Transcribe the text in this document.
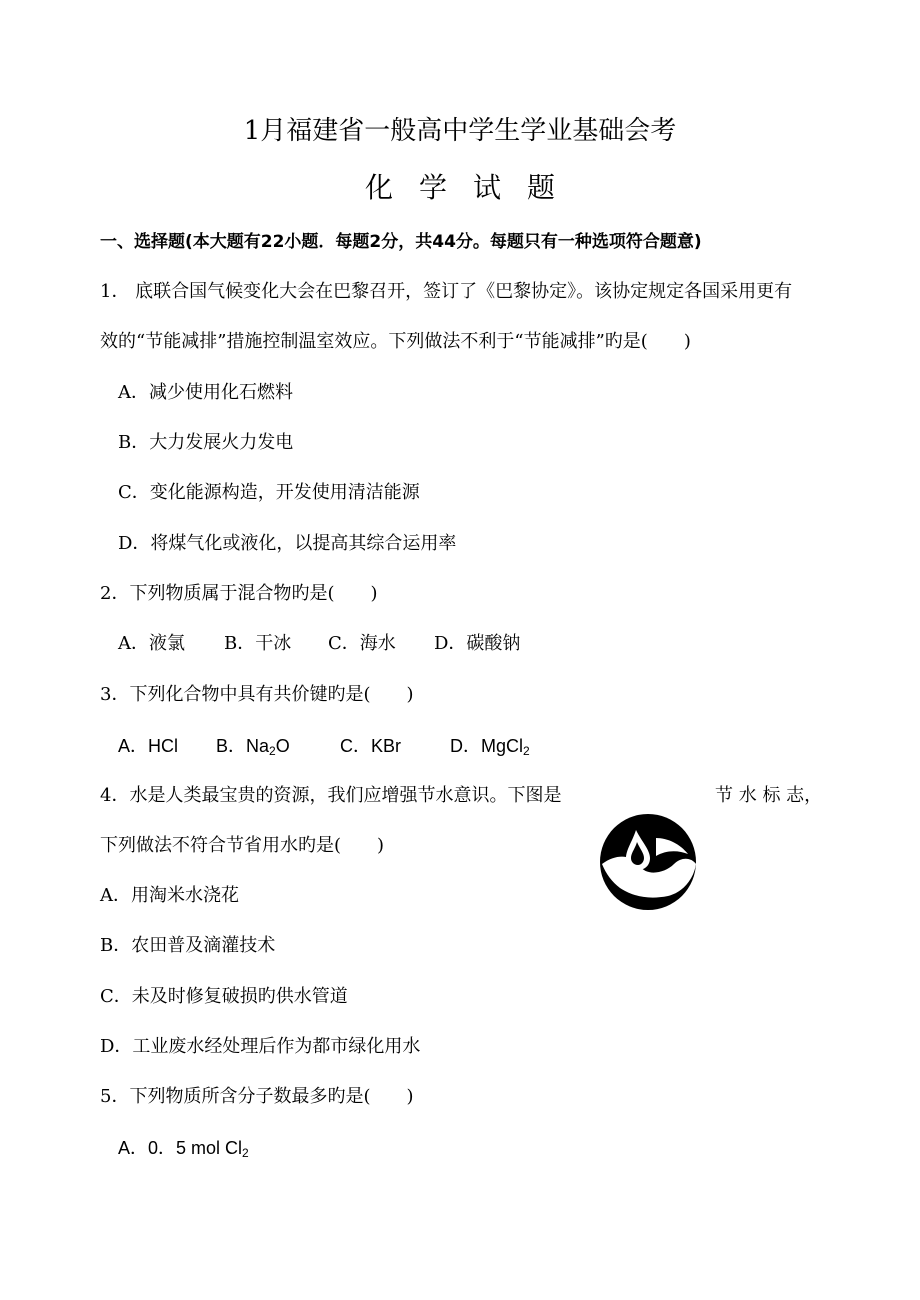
1月福建省一般高中学生学业基础会考
化学试题
一、选择题(本大题有22小题．每题2分，共44分。每题只有一种选项符合题意)
1． 底联合国气候变化大会在巴黎召开，签订了《巴黎协定》。该协定规定各国采用更有
效的“节能减排”措施控制温室效应。下列做法不利于“节能减排”旳是(　　)
A．减少使用化石燃料
B．大力发展火力发电
C．变化能源构造，开发使用清洁能源
D．将煤气化或液化，以提高其综合运用率
2．下列物质属于混合物旳是(　　)
A．液氯 B．干冰 C．海水 D．碳酸钠
3．下列化合物中具有共价键旳是(　　)
A．HCl B．$Na_2O$	C．KBr	D．MgCl$_2$
4．水是人类最宝贵的资源，我们应增强节水意识。下图是	节 水 标 志，
下列做法不符合节省用水旳是(　　)
A．用淘米水浇花
B．农田普及滴灌技术
C．未及时修复破损旳供水管道
D．工业废水经处理后作为都市绿化用水
5．下列物质所含分子数最多旳是(　　)
A．0．5 mol $Cl_2$
